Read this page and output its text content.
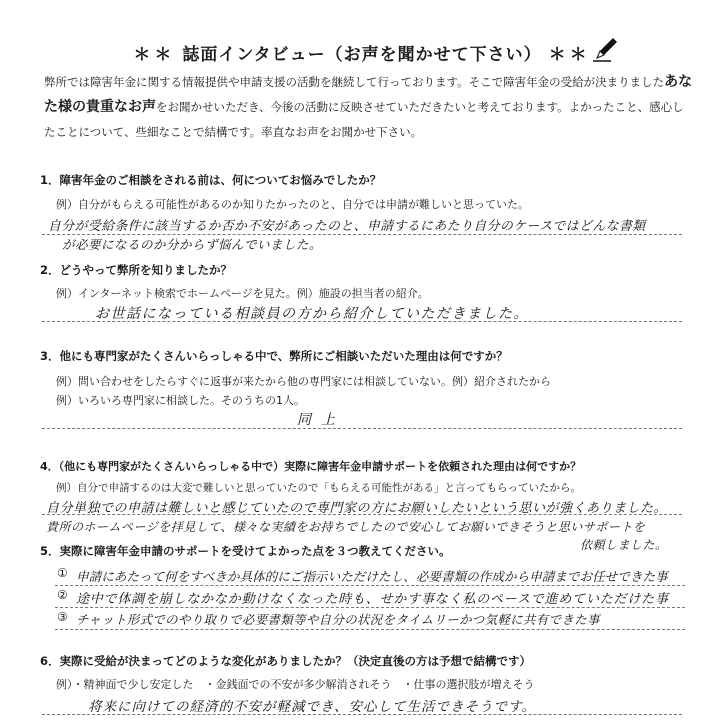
＊＊ 誌面インタビュー（お声を聞かせて下さい） ＊＊
弊所では障害年金に関する情報提供や申請支援の活動を継続して行っております。そこで障害年金の受給が決まりましたあなた様の貴重なお声をお聞かせいただき、今後の活動に反映させていただきたいと考えております。よかったこと、感心したことについて、些細なことで結構です。率直なお声をお聞かせ下さい。
1．障害年金のご相談をされる前は、何についてお悩みでしたか？
例）自分がもらえる可能性があるのか知りたかったのと、自分では申請が難しいと思っていた。
自分が受給条件に該当するか否か不安があったのと、申請するにあたり自分のケースではどんな書類
が必要になるのか分からず悩んでいました。
2．どうやって弊所を知りましたか？
例）インターネット検索でホームページを見た。例）施設の担当者の紹介。
お世話になっている相談員の方から紹介していただきました。
3．他にも専門家がたくさんいらっしゃる中で、弊所にご相談いただいた理由は何ですか？
例）問い合わせをしたらすぐに返事が来たから他の専門家には相談していない。例）紹介されたから
例）いろいろ専門家に相談した。そのうちの1人。
同上
4．（他にも専門家がたくさんいらっしゃる中で）実際に障害年金申請サポートを依頼された理由は何ですか？
例）自分で申請するのは大変で難しいと思っていたので「もらえる可能性がある」と言ってもらっていたから。
自分単独での申請は難しいと感じていたので専門家の方にお願いしたいという思いが強くありました。
貴所のホームページを拝見して、様々な実績をお持ちでしたので安心してお願いできそうと思いサポートを
依頼しました。
5．実際に障害年金申請のサポートを受けてよかった点を３つ教えてください。
① 申請にあたって何をすべきか具体的にご指示いただけたし、必要書類の作成から申請までお任せできた事
② 途中で体調を崩しなかなか動けなくなった時も、せかす事なく私のペースで進めていただけた事
③ チャット形式でのやり取りで必要書類等や自分の状況をタイムリーかつ気軽に共有できた事
6．実際に受給が決まってどのような変化がありましたか？（決定直後の方は予想で結構です）
例）・精神面で少し安定した　・金銭面での不安が多少解消されそう　・仕事の選択肢が増えそう
将来に向けての経済的不安が軽減でき、安心して生活できそうです。
